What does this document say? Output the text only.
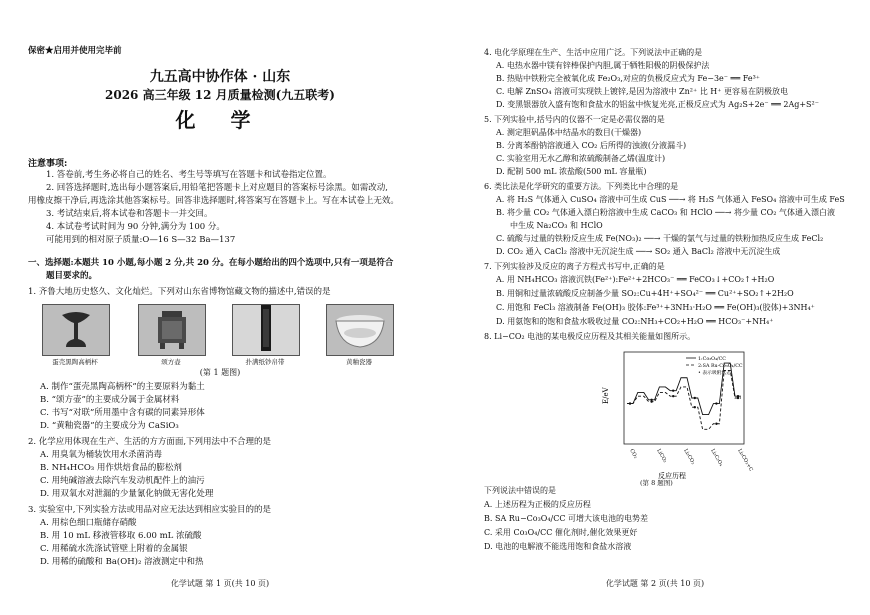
保密★启用并使用完毕前
九五高中协作体 · 山东
2026 高三年级 12 月质量检测(九五联考)
化 学
注意事项:
1. 答卷前,考生务必将自己的姓名、考生号等填写在答题卡和试卷指定位置。
2. 回答选择题时,选出每小题答案后,用铅笔把答题卡上对应题目的答案标号涂黑。如需改动,
用橡皮擦干净后,再选涂其他答案标号。回答非选择题时,将答案写在答题卡上。写在本试卷上无效。
3. 考试结束后,将本试卷和答题卡一并交回。
4. 本试卷考试时间为 90 分钟,满分为 100 分。
可能用到的相对原子质量:O—16 S—32 Ba—137
一、选择题:本题共 10 小题,每小题 2 分,共 20 分。在每小题给出的四个选项中,只有一项是符合
题目要求的。
1. 齐鲁大地历史悠久、文化灿烂。下列对山东省博物馆藏文物的描述中,错误的是
蛋壳黑陶高柄杯	颂方壶	扑满纸钞帛带	黄釉瓷器
(第 1 题图)
A. 制作“蛋壳黑陶高柄杯”的主要原料为黏土
B. “颂方壶”的主要成分属于金属材料
C. 书写“对联”所用墨中含有碳的同素异形体
D. “黄釉瓷器”的主要成分为 CaSiO₃
2. 化学应用体现在生产、生活的方方面面,下列用法中不合理的是
A. 用臭氧为桶装饮用水杀菌消毒
B. NH₄HCO₃ 用作烘焙食品的膨松剂
C. 用纯碱溶液去除汽车发动机配件上的油污
D. 用双氧水对泄漏的少量氰化钠做无害化处理
3. 实验室中,下列实验方法或用品对应无法达到相应实验目的的是
A. 用棕色细口瓶储存硝酸
B. 用 10 mL 移液管移取 6.00 mL 浓硫酸
C. 用稀硫水洗涤试管壁上附着的金属银
D. 用稀的硫酸和 Ba(OH)₂ 溶液测定中和热
化学试题 第 1 页(共 10 页)
4. 电化学原理在生产、生活中应用广泛。下列说法中正确的是
A. 电热水器中镁有锌棒保护内胆,属于牺牲阳极的阴极保护法
B. 热贴中铁粉完全被氧化成 Fe₂O₃,对应的负极反应式为 Fe−3e⁻ ══ Fe³⁺
C. 电解 ZnSO₄ 溶液可实现铁上镀锌,是因为溶液中 Zn²⁺ 比 H⁺ 更容易在阴极放电
D. 变黑银器放入盛有饱和食盐水的铝盆中恢复光亮,正极反应式为 Ag₂S+2e⁻ ══ 2Ag+S²⁻
5. 下列实验中,括号内的仪器不一定是必需仪器的是
A. 测定胆矾晶体中结晶水的数目(干燥器)
B. 分离苯酚钠溶液通入 CO₂ 后所得的浊液(分液漏斗)
C. 实验室用无水乙醇和浓硫酸制备乙烯(温度计)
D. 配制 500 mL 浓盐酸(500 mL 容量瓶)
6. 类比法是化学研究的重要方法。下列类比中合理的是
A. 将 H₂S 气体通入 CuSO₄ 溶液中可生成 CuS ──→ 将 H₂S 气体通入 FeSO₄ 溶液中可生成 FeS
B. 将少量 CO₂ 气体通入漂白粉溶液中生成 CaCO₃ 和 HClO ──→ 将少量 CO₂ 气体通入漂白液
中生成 Na₂CO₃ 和 HClO
C. 硫酸与过量的铁粉反应生成 Fe(NO₃)₂ ──→ 干燥的氯气与过量的铁粉加热反应生成 FeCl₂
D. CO₂ 通入 CaCl₂ 溶液中无沉淀生成 ──→ SO₂ 通入 BaCl₂ 溶液中无沉淀生成
7. 下列实验涉及反应的离子方程式书写中,正确的是
A. 用 NH₄HCO₃ 溶液沉铁(Fe²⁺):Fe²⁺+2HCO₃⁻ ══ FeCO₃↓+CO₂↑+H₂O
B. 用铜和过量浓硫酸反应制备少量 SO₂:Cu+4H⁺+SO₄²⁻ ══ Cu²⁺+SO₂↑+2H₂O
C. 用饱和 FeCl₃ 溶液制备 Fe(OH)₃ 胶体:Fe³⁺+3NH₃·H₂O ══ Fe(OH)₃(胶体)+3NH₄⁺
D. 用氨饱和的饱和食盐水吸收过量 CO₂:NH₃+CO₂+H₂O ══ HCO₃⁻+NH₄⁺
8. Li−CO₂ 电池的某电极反应历程及其相关能量如图所示。
下列说法中错误的是
A. 上述历程为正极的反应历程
B. SA Ru−Co₃O₄/CC 可增大该电池的电势差
C. 采用 Co₃O₄/CC 催化剂时,催化效果更好
D. 电池的电解液不能选用饱和食盐水溶液
化学试题 第 2 页(共 10 页)
CO₂	LiCO₂	Li₂CO₂	Li₂C₂O₄ Li₂CO₃+C
E/eV
反应历程
1:Co₃O₄/CC
2:SA Ru-Co₃O₄/CC
• 表示吸附状态
(第 8 题图)
